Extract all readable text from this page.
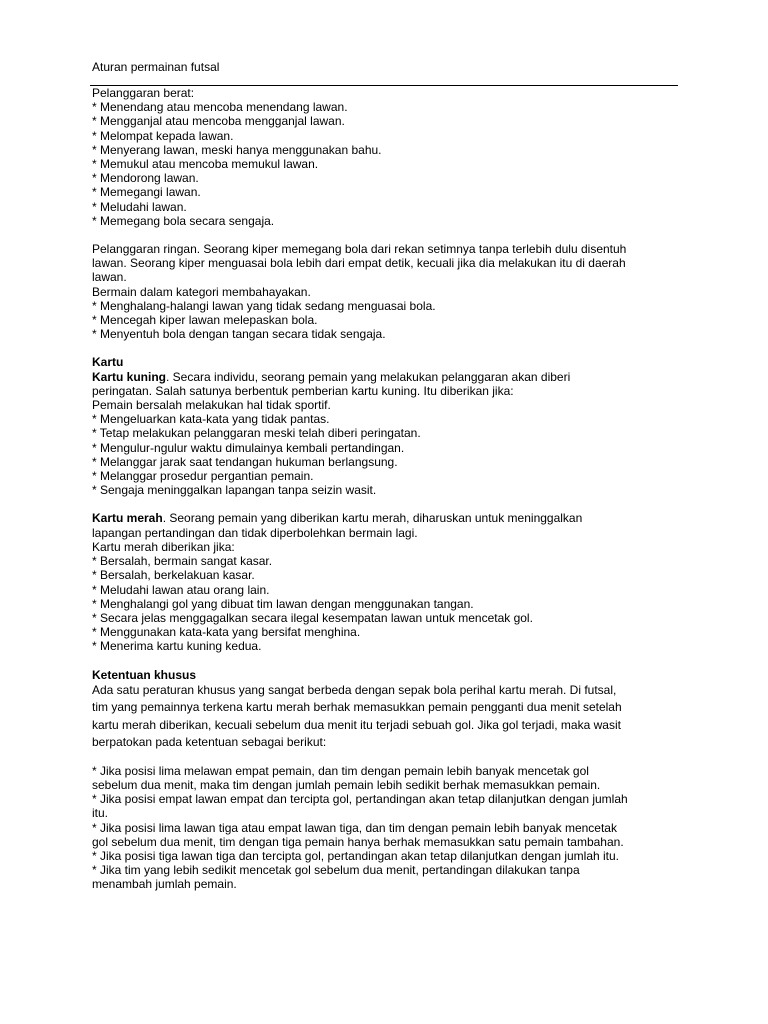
Aturan permainan futsal

Pelanggaran berat:

* Menendang atau mencoba menendang lawan.

* Mengganjal atau mencoba mengganjal lawan.

* Melompat kepada lawan.

* Menyerang lawan, meski hanya menggunakan bahu.

* Memukul atau mencoba memukul lawan.

* Mendorong lawan.

* Memegangi lawan.

* Meludahi lawan.

* Memegang bola secara sengaja.

Pelanggaran ringan. Seorang kiper memegang bola dari rekan setimnya tanpa terlebih dulu disentuh

lawan. Seorang kiper menguasai bola lebih dari empat detik, kecuali jika dia melakukan itu di daerah

lawan.

Bermain dalam kategori membahayakan.

* Menghalang-halangi lawan yang tidak sedang menguasai bola.

* Mencegah kiper lawan melepaskan bola.

* Menyentuh bola dengan tangan secara tidak sengaja.

Kartu

Kartu kuning. Secara individu, seorang pemain yang melakukan pelanggaran akan diberi

peringatan. Salah satunya berbentuk pemberian kartu kuning. Itu diberikan jika:

Pemain bersalah melakukan hal tidak sportif.

* Mengeluarkan kata-kata yang tidak pantas.

* Tetap melakukan pelanggaran meski telah diberi peringatan.

* Mengulur-ngulur waktu dimulainya kembali pertandingan.

* Melanggar jarak saat tendangan hukuman berlangsung.

* Melanggar prosedur pergantian pemain.

* Sengaja meninggalkan lapangan tanpa seizin wasit.

Kartu merah. Seorang pemain yang diberikan kartu merah, diharuskan untuk meninggalkan

lapangan pertandingan dan tidak diperbolehkan bermain lagi.

Kartu merah diberikan jika:

* Bersalah, bermain sangat kasar.

* Bersalah, berkelakuan kasar.

* Meludahi lawan atau orang lain.

* Menghalangi gol yang dibuat tim lawan dengan menggunakan tangan.

* Secara jelas menggagalkan secara ilegal kesempatan lawan untuk mencetak gol.

* Menggunakan kata-kata yang bersifat menghina.

* Menerima kartu kuning kedua.

Ketentuan khusus

Ada satu peraturan khusus yang sangat berbeda dengan sepak bola perihal kartu merah. Di futsal,

tim yang pemainnya terkena kartu merah berhak memasukkan pemain pengganti dua menit setelah

kartu merah diberikan, kecuali sebelum dua menit itu terjadi sebuah gol. Jika gol terjadi, maka wasit

berpatokan pada ketentuan sebagai berikut:

* Jika posisi lima melawan empat pemain, dan tim dengan pemain lebih banyak mencetak gol

sebelum dua menit, maka tim dengan jumlah pemain lebih sedikit berhak memasukkan pemain.

* Jika posisi empat lawan empat dan tercipta gol, pertandingan akan tetap dilanjutkan dengan jumlah

itu.

* Jika posisi lima lawan tiga atau empat lawan tiga, dan tim dengan pemain lebih banyak mencetak

gol sebelum dua menit, tim dengan tiga pemain hanya berhak memasukkan satu pemain tambahan.

* Jika posisi tiga lawan tiga dan tercipta gol, pertandingan akan tetap dilanjutkan dengan jumlah itu.

* Jika tim yang lebih sedikit mencetak gol sebelum dua menit, pertandingan dilakukan tanpa

menambah jumlah pemain.
